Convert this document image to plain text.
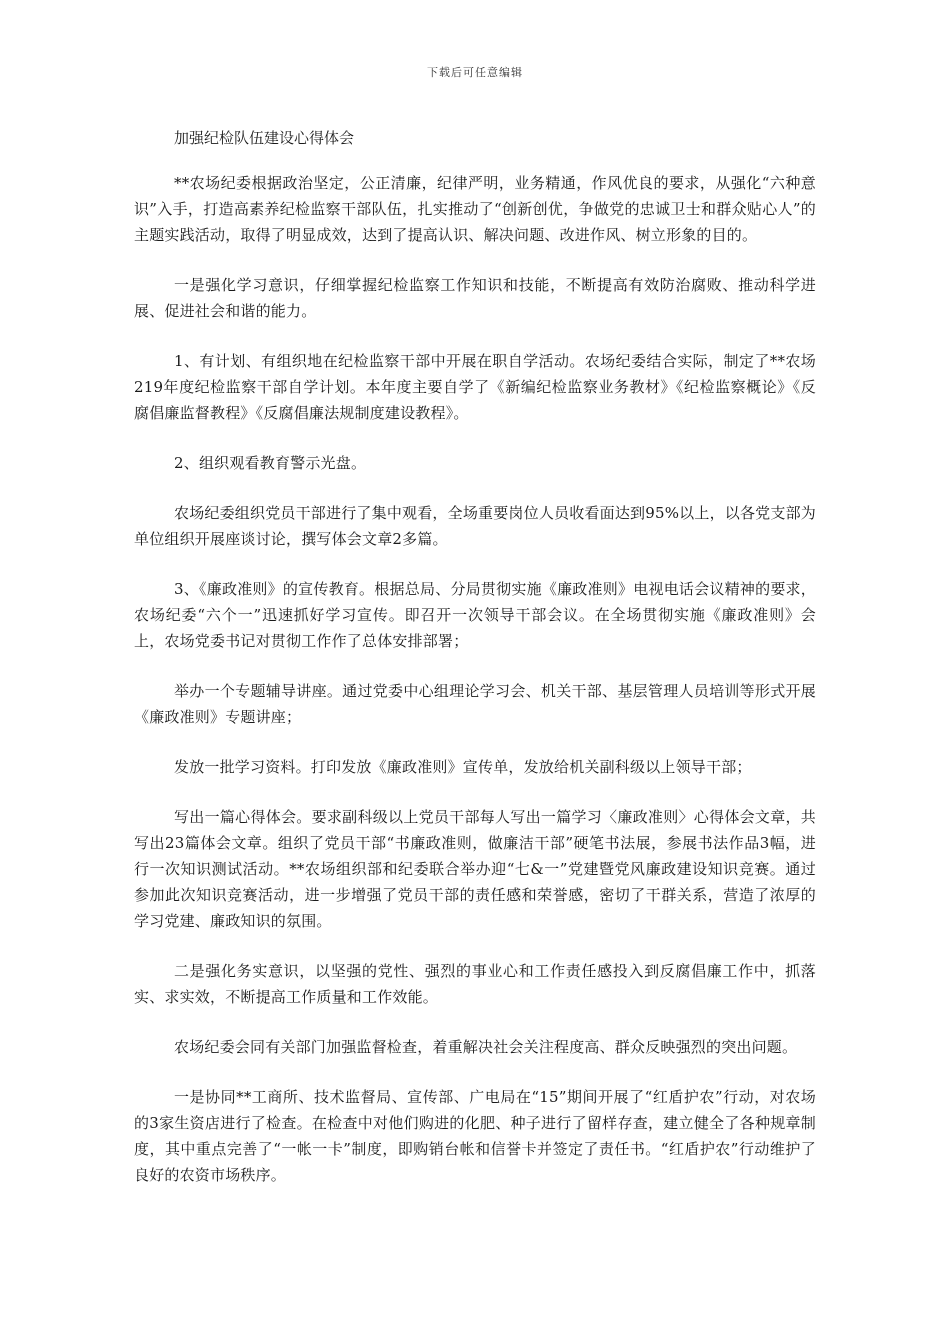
下载后可任意编辑
加强纪检队伍建设心得体会

**农场纪委根据政治坚定，公正清廉，纪律严明，业务精通，作风优良的要求，从强化“六种意识”入手，打造高素养纪检监察干部队伍，扎实推动了“创新创优，争做党的忠诚卫士和群众贴心人”的主题实践活动，取得了明显成效，达到了提高认识、解决问题、改进作风、树立形象的目的。

一是强化学习意识，仔细掌握纪检监察工作知识和技能，不断提高有效防治腐败、推动科学进展、促进社会和谐的能力。

1、有计划、有组织地在纪检监察干部中开展在职自学活动。农场纪委结合实际，制定了**农场219年度纪检监察干部自学计划。本年度主要自学了《新编纪检监察业务教材》《纪检监察概论》《反腐倡廉监督教程》《反腐倡廉法规制度建设教程》。

2、组织观看教育警示光盘。

农场纪委组织党员干部进行了集中观看，全场重要岗位人员收看面达到95%以上，以各党支部为单位组织开展座谈讨论，撰写体会文章2多篇。

3、《廉政准则》的宣传教育。根据总局、分局贯彻实施《廉政准则》电视电话会议精神的要求，农场纪委“六个一”迅速抓好学习宣传。即召开一次领导干部会议。在全场贯彻实施《廉政准则》会上，农场党委书记对贯彻工作作了总体安排部署；

举办一个专题辅导讲座。通过党委中心组理论学习会、机关干部、基层管理人员培训等形式开展《廉政准则》专题讲座；

发放一批学习资料。打印发放《廉政准则》宣传单，发放给机关副科级以上领导干部；

写出一篇心得体会。要求副科级以上党员干部每人写出一篇学习〈廉政准则〉心得体会文章，共写出23篇体会文章。组织了党员干部“书廉政准则，做廉洁干部”硬笔书法展，参展书法作品3幅，进行一次知识测试活动。**农场组织部和纪委联合举办迎“七&一”党建暨党风廉政建设知识竞赛。通过参加此次知识竞赛活动，进一步增强了党员干部的责任感和荣誉感，密切了干群关系，营造了浓厚的学习党建、廉政知识的氛围。

二是强化务实意识，以坚强的党性、强烈的事业心和工作责任感投入到反腐倡廉工作中，抓落实、求实效，不断提高工作质量和工作效能。

农场纪委会同有关部门加强监督检查，着重解决社会关注程度高、群众反映强烈的突出问题。

一是协同**工商所、技术监督局、宣传部、广电局在“15”期间开展了“红盾护农”行动，对农场的3家生资店进行了检查。在检查中对他们购进的化肥、种子进行了留样存查，建立健全了各种规章制度，其中重点完善了“一帐一卡”制度，即购销台帐和信誉卡并签定了责任书。“红盾护农”行动维护了良好的农资市场秩序。
